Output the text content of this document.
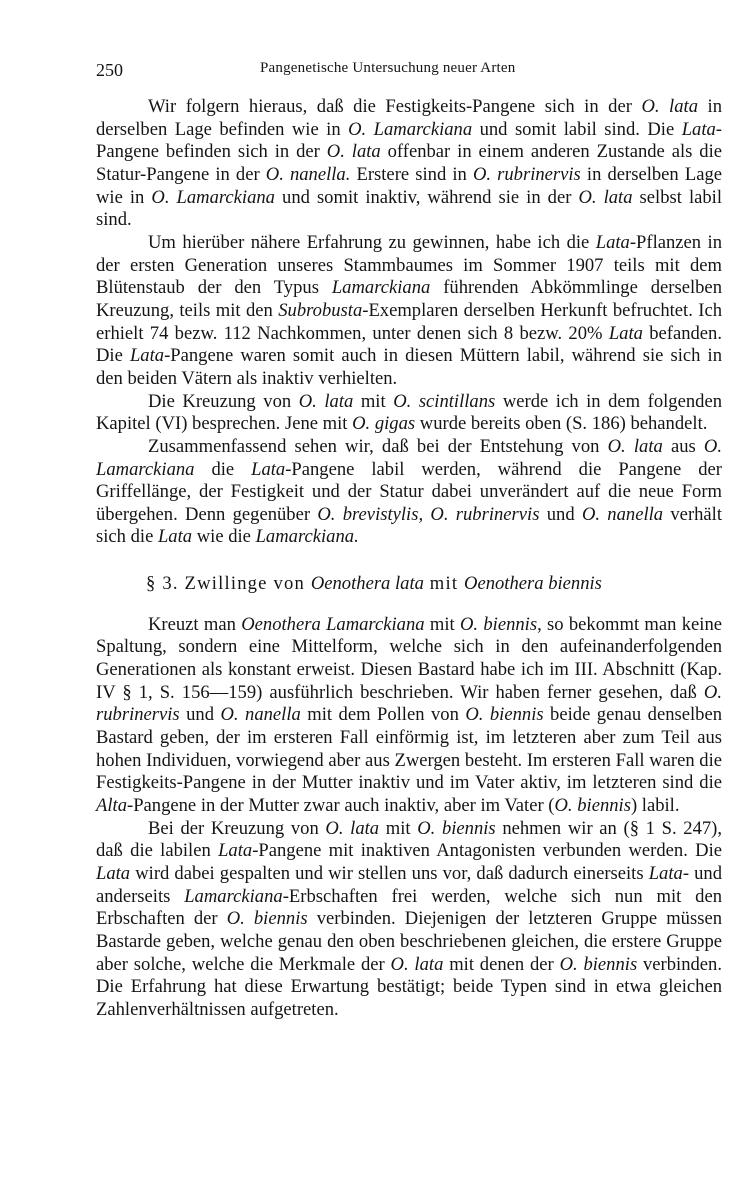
250	Pangenetische Untersuchung neuer Arten

Wir folgern hieraus, daß die Festigkeits-Pangene sich in der O. lata in derselben Lage befinden wie in O. Lamarckiana und somit labil sind. Die Lata-Pangene befinden sich in der O. lata offenbar in einem anderen Zustande als die Statur-Pangene in der O. nanella. Erstere sind in O. rubrinervis in derselben Lage wie in O. Lamarckiana und somit inaktiv, während sie in der O. lata selbst labil sind.

Um hierüber nähere Erfahrung zu gewinnen, habe ich die Lata-Pflanzen in der ersten Generation unseres Stammbaumes im Sommer 1907 teils mit dem Blütenstaub der den Typus Lamarckiana führenden Abkömmlinge derselben Kreuzung, teils mit den Subrobusta-Exemplaren derselben Herkunft befruchtet. Ich erhielt 74 bezw. 112 Nachkommen, unter denen sich 8 bezw. 20% Lata befanden. Die Lata-Pangene waren somit auch in diesen Müttern labil, während sie sich in den beiden Vätern als inaktiv verhielten.

Die Kreuzung von O. lata mit O. scintillans werde ich in dem folgenden Kapitel (VI) besprechen. Jene mit O. gigas wurde bereits oben (S. 186) behandelt.

Zusammenfassend sehen wir, daß bei der Entstehung von O. lata aus O. Lamarckiana die Lata-Pangene labil werden, während die Pangene der Griffellänge, der Festigkeit und der Statur dabei unverändert auf die neue Form übergehen. Denn gegenüber O. brevistylis, O. rubrinervis und O. nanella verhält sich die Lata wie die Lamarckiana.

§ 3. Zwillinge von Oenothera lata mit Oenothera biennis

Kreuzt man Oenothera Lamarckiana mit O. biennis, so bekommt man keine Spaltung, sondern eine Mittelform, welche sich in den aufeinanderfolgenden Generationen als konstant erweist. Diesen Bastard habe ich im III. Abschnitt (Kap. IV § 1, S. 156—159) ausführlich beschrieben. Wir haben ferner gesehen, daß O. rubrinervis und O. nanella mit dem Pollen von O. biennis beide genau denselben Bastard geben, der im ersteren Fall einförmig ist, im letzteren aber zum Teil aus hohen Individuen, vorwiegend aber aus Zwergen besteht. Im ersteren Fall waren die Festigkeits-Pangene in der Mutter inaktiv und im Vater aktiv, im letzteren sind die Alta-Pangene in der Mutter zwar auch inaktiv, aber im Vater (O. biennis) labil.

Bei der Kreuzung von O. lata mit O. biennis nehmen wir an (§ 1 S. 247), daß die labilen Lata-Pangene mit inaktiven Antagonisten verbunden werden. Die Lata wird dabei gespalten und wir stellen uns vor, daß dadurch einerseits Lata- und anderseits Lamarckiana-Erbschaften frei werden, welche sich nun mit den Erbschaften der O. biennis verbinden. Diejenigen der letzteren Gruppe müssen Bastarde geben, welche genau den oben beschriebenen gleichen, die erstere Gruppe aber solche, welche die Merkmale der O. lata mit denen der O. biennis verbinden. Die Erfahrung hat diese Erwartung bestätigt; beide Typen sind in etwa gleichen Zahlenverhältnissen aufgetreten.
